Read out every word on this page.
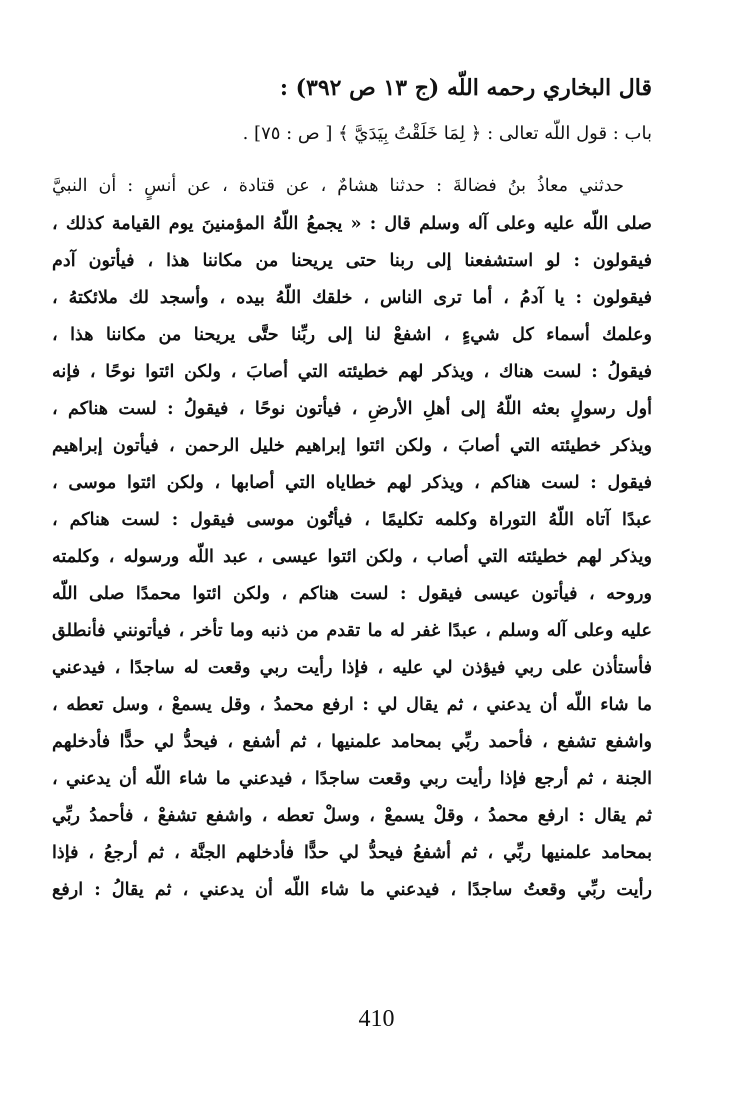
قال البخاري رحمه اللّه (ج ١٣ ص ٣٩٢) :
باب : قول اللّه تعالى : ﴿ لِمَا خَلَقْتُ بِيَدَيَّ ﴾ [ ص : ٧٥] .
حدثني معاذُ بنُ فضالةَ : حدثنا هشامٌ ، عن قتادة ، عن أنسٍ : أن النبيَّ
صلى اللّه عليه وعلى آله وسلم قال : « يجمعُ اللّهُ المؤمنينَ يوم القيامة كذلك ،
فيقولون : لو استشفعنا إلى ربنا حتى يريحنا من مكاننا هذا ، فيأتون آدم
فيقولون : يا آدمُ ، أما ترى الناس ، خلقك اللّهُ بيده ، وأسجد لك ملائكتهُ ،
وعلمك أسماء كل شيءٍ ، اشفعْ لنا إلى ربِّنا حتَّى يريحنا من مكاننا هذا ،
فيقولُ : لست هناك ، ويذكر لهم خطيئته التي أصابَ ، ولكن ائتوا نوحًا ، فإنه
أول رسولٍ بعثه اللّهُ إلى أهلِ الأرضِ ، فيأتون نوحًا ، فيقولُ : لست هناكم ،
ويذكر خطيئته التي أصابَ ، ولكن ائتوا إبراهيم خليل الرحمن ، فيأتون إبراهيم
فيقول : لست هناكم ، ويذكر لهم خطاياه التي أصابها ، ولكن ائتوا موسى ،
عبدًا آتاه اللّهُ التوراة وكلمه تكليمًا ، فيأتُون موسى فيقول : لست هناكم ،
ويذكر لهم خطيئته التي أصاب ، ولكن ائتوا عيسى ، عبد اللّه ورسوله ، وكلمته
وروحه ، فيأتون عيسى فيقول : لست هناكم ، ولكن ائتوا محمدًا صلى اللّه
عليه وعلى آله وسلم ، عبدًا غفر له ما تقدم من ذنبه وما تأخر ، فيأتونني فأنطلق
فأستأذن على ربي فيؤذن لي عليه ، فإذا رأيت ربي وقعت له ساجدًا ، فيدعني
ما شاء اللّه أن يدعني ، ثم يقال لي : ارفع محمدُ ، وقل يسمعْ ، وسل تعطه ،
واشفع تشفع ، فأحمد ربِّي بمحامد علمنيها ، ثم أشفع ، فيحدُّ لي حدًّا فأدخلهم
الجنة ، ثم أرجع فإذا رأيت ربي وقعت ساجدًا ، فيدعني ما شاء اللّه أن يدعني ،
ثم يقال : ارفع محمدُ ، وقلْ يسمعْ ، وسلْ تعطه ، واشفع تشفعْ ، فأحمدُ ربِّي
بمحامد علمنيها ربِّي ، ثم أشفعُ فيحدُّ لي حدًّا فأدخلهم الجنَّة ، ثم أرجعُ ، فإذا
رأيت ربِّي وقعتُ ساجدًا ، فيدعني ما شاء اللّه أن يدعني ، ثم يقالُ : ارفع
410
